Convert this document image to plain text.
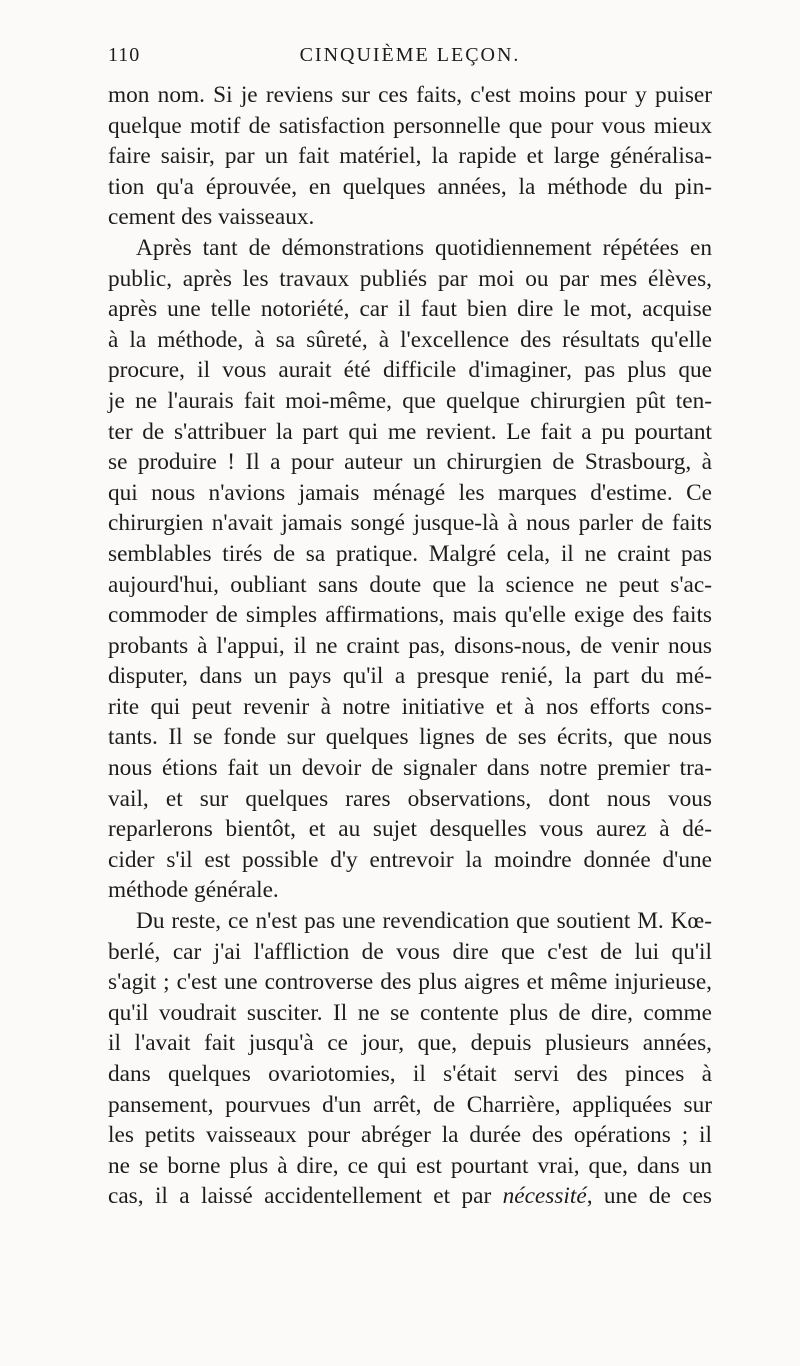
110	CINQUIÈME LEÇON.
mon nom. Si je reviens sur ces faits, c'est moins pour y puiser
quelque motif de satisfaction personnelle que pour vous mieux
faire saisir, par un fait matériel, la rapide et large généralisa-
tion qu'a éprouvée, en quelques années, la méthode du pin-
cement des vaisseaux.
Après tant de démonstrations quotidiennement répétées en
public, après les travaux publiés par moi ou par mes élèves,
après une telle notoriété, car il faut bien dire le mot, acquise
à la méthode, à sa sûreté, à l'excellence des résultats qu'elle
procure, il vous aurait été difficile d'imaginer, pas plus que
je ne l'aurais fait moi-même, que quelque chirurgien pût ten-
ter de s'attribuer la part qui me revient. Le fait a pu pourtant
se produire ! Il a pour auteur un chirurgien de Strasbourg, à
qui nous n'avions jamais ménagé les marques d'estime. Ce
chirurgien n'avait jamais songé jusque-là à nous parler de faits
semblables tirés de sa pratique. Malgré cela, il ne craint pas
aujourd'hui, oubliant sans doute que la science ne peut s'ac-
commoder de simples affirmations, mais qu'elle exige des faits
probants à l'appui, il ne craint pas, disons-nous, de venir nous
disputer, dans un pays qu'il a presque renié, la part du mé-
rite qui peut revenir à notre initiative et à nos efforts cons-
tants. Il se fonde sur quelques lignes de ses écrits, que nous
nous étions fait un devoir de signaler dans notre premier tra-
vail, et sur quelques rares observations, dont nous vous
reparlerons bientôt, et au sujet desquelles vous aurez à dé-
cider s'il est possible d'y entrevoir la moindre donnée d'une
méthode générale.
Du reste, ce n'est pas une revendication que soutient M. Kœ-
berlé, car j'ai l'affliction de vous dire que c'est de lui qu'il
s'agit ; c'est une controverse des plus aigres et même injurieuse,
qu'il voudrait susciter. Il ne se contente plus de dire, comme
il l'avait fait jusqu'à ce jour, que, depuis plusieurs années,
dans quelques ovariotomies, il s'était servi des pinces à
pansement, pourvues d'un arrêt, de Charrière, appliquées sur
les petits vaisseaux pour abréger la durée des opérations ; il
ne se borne plus à dire, ce qui est pourtant vrai, que, dans un
cas, il a laissé accidentellement et par nécessité, une de ces
